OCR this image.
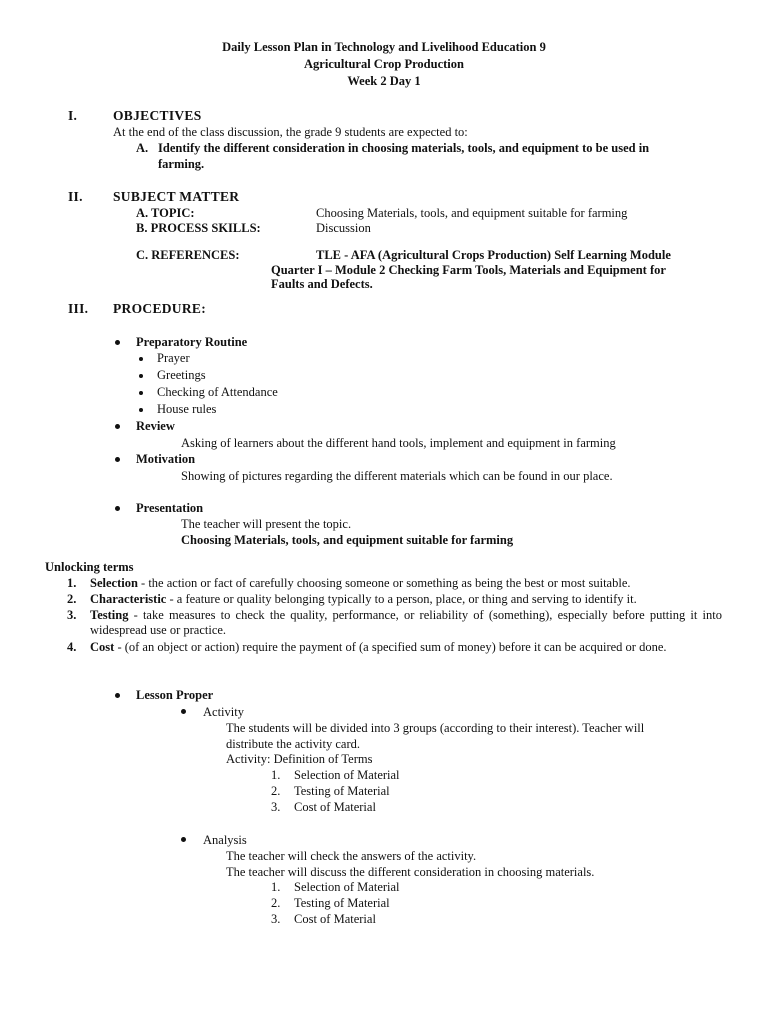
Daily Lesson Plan in Technology and Livelihood Education 9
Agricultural Crop Production
Week 2 Day 1
I.	OBJECTIVES
At the end of the class discussion, the grade 9 students are expected to:
A. Identify the different consideration in choosing materials, tools, and equipment to be used in
farming.
II. SUBJECT MATTER
A. TOPIC:	Choosing Materials, tools, and equipment suitable for farming
B. PROCESS SKILLS:	Discussion
C. REFERENCES:	TLE - AFA (Agricultural Crops Production) Self Learning Module
Quarter I – Module 2 Checking Farm Tools, Materials and Equipment for
Faults and Defects.
III. PROCEDURE:
Preparatory Routine
Prayer
Greetings
Checking of Attendance
House rules
Review
Asking of learners about the different hand tools, implement and equipment in farming
Motivation
Showing of pictures regarding the different materials which can be found in our place.
Presentation
The teacher will present the topic.
Choosing Materials, tools, and equipment suitable for farming
Unlocking terms
1. Selection - the action or fact of carefully choosing someone or something as being the best or most suitable.
2. Characteristic - a feature or quality belonging typically to a person, place, or thing and serving to identify it.
3. Testing - take measures to check the quality, performance, or reliability of (something), especially before putting it into widespread use or practice.
4. Cost - (of an object or action) require the payment of (a specified sum of money) before it can be acquired or done.
Lesson Proper
Activity
The students will be divided into 3 groups (according to their interest). Teacher will
distribute the activity card.
Activity: Definition of Terms
1. Selection of Material
2. Testing of Material
3. Cost of Material
Analysis
The teacher will check the answers of the activity.
The teacher will discuss the different consideration in choosing materials.
1. Selection of Material
2. Testing of Material
3. Cost of Material
